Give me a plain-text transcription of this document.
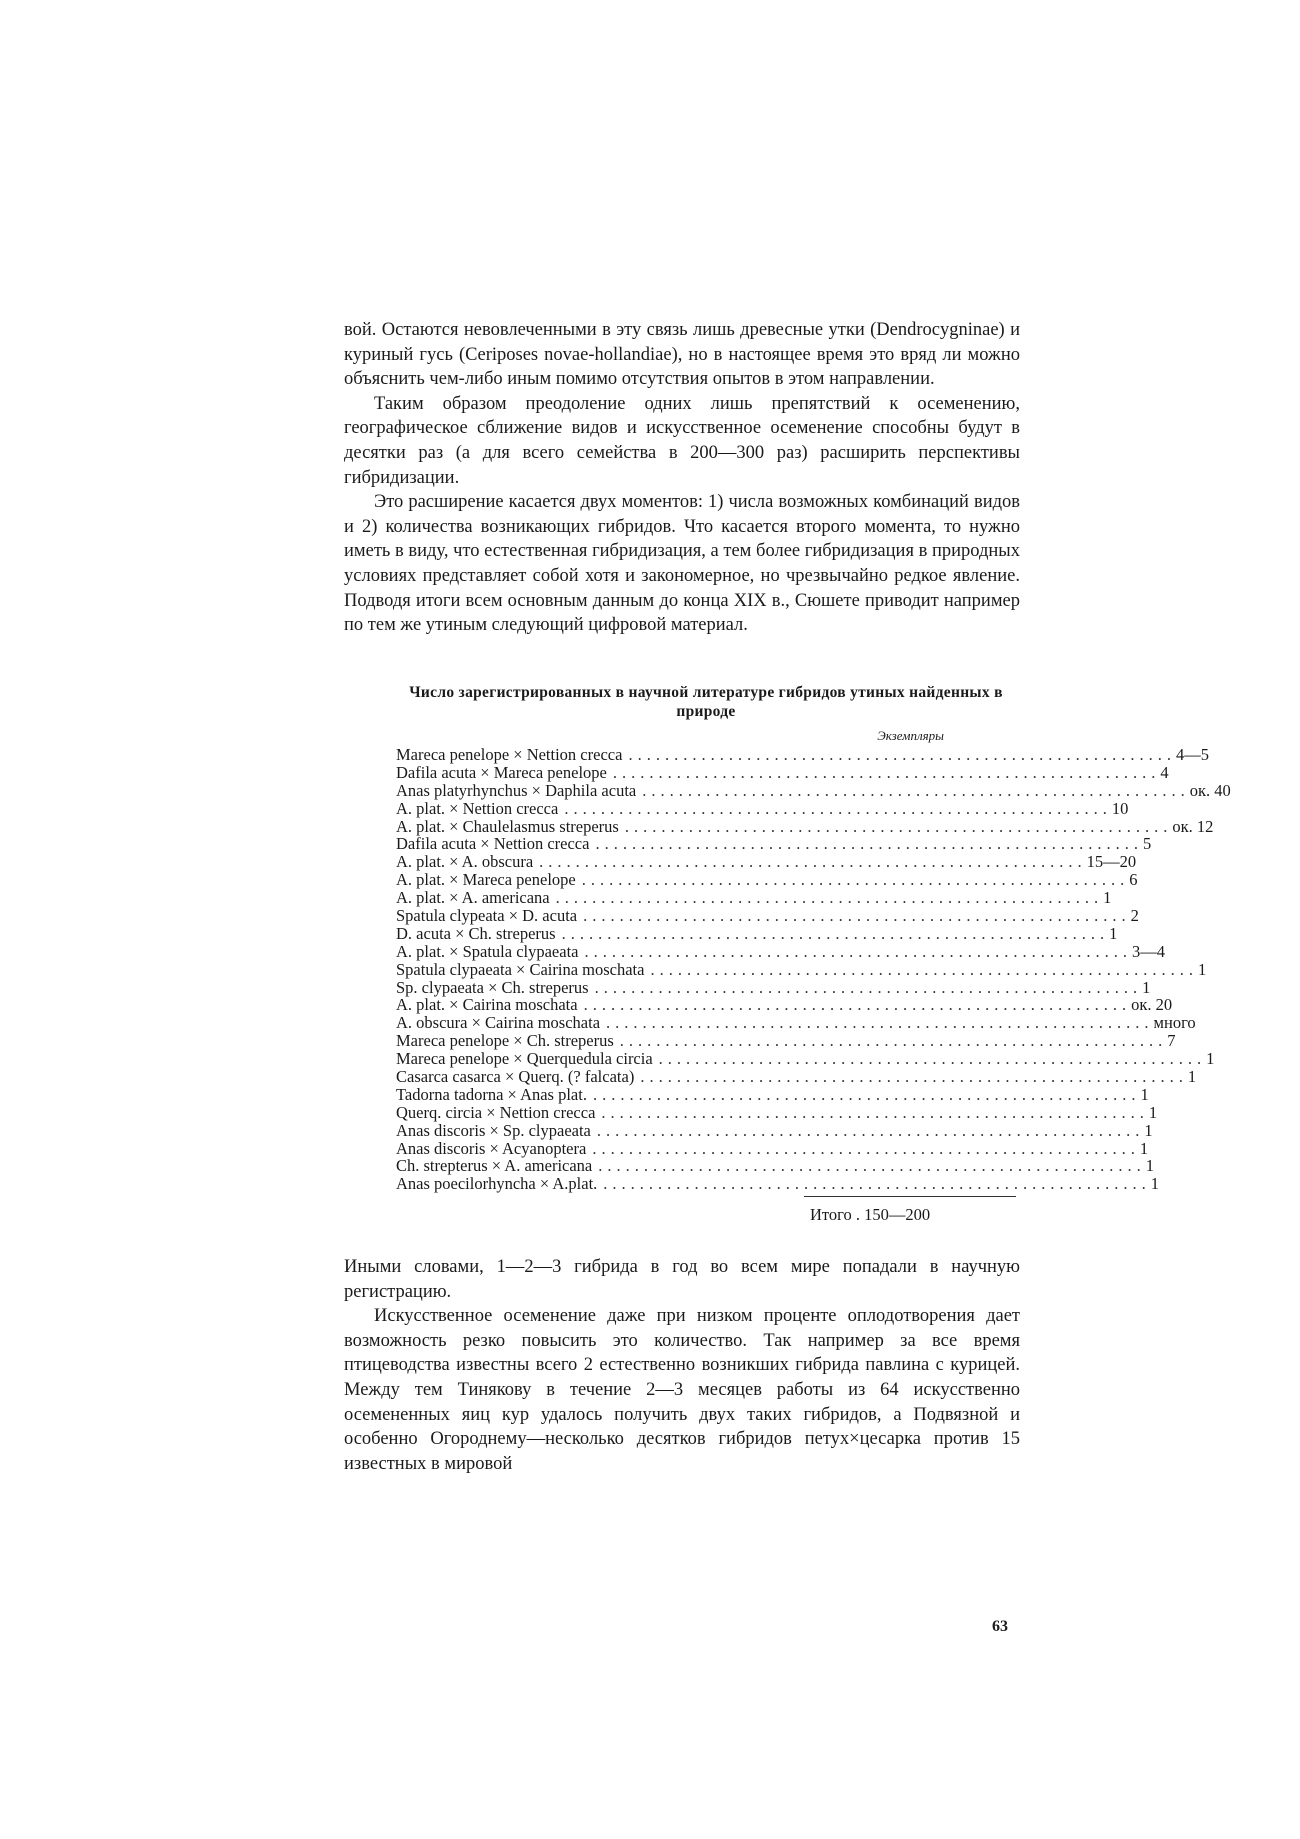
вой. Остаются невовлеченными в эту связь лишь древесные утки (Dendrocygninae) и куриный гусь (Ceriposes novae-hollandiae), но в настоящее время это вряд ли можно объяснить чем-либо иным помимо отсутствия опытов в этом направлении.

Таким образом преодоление одних лишь препятствий к осеменению, географическое сближение видов и искусственное осеменение способны будут в десятки раз (а для всего семейства в 200—300 раз) расширить перспективы гибридизации.

Это расширение касается двух моментов: 1) числа возможных комбинаций видов и 2) количества возникающих гибридов. Что касается второго момента, то нужно иметь в виду, что естественная гибридизация, а тем более гибридизация в природных условиях представляет собой хотя и закономерное, но чрезвычайно редкое явление. Подводя итоги всем основным данным до конца XIX в., Сюшете приводит например по тем же утиным следующий цифровой материал.

Число зарегистрированных в научной литературе гибридов утиных найденных в природе
Экземпляры
Mareca penelope × Nettion crecca ............................................................ 4—5
Dafila acuta × Mareca penelope ............................................................ 4
Anas platyrhynchus × Daphila acuta ............................................................ ок. 40
A. plat. × Nettion crecca ............................................................ 10
A. plat. × Chaulelasmus streperus ............................................................ ок. 12
Dafila acuta × Nettion crecca ............................................................ 5
A. plat. × A. obscura ............................................................ 15—20
A. plat. × Mareca penelope ............................................................ 6
A. plat. × A. americana ............................................................ 1
Spatula clypeata × D. acuta ............................................................ 2
D. acuta × Ch. streperus ............................................................ 1
A. plat. × Spatula clypaeata ............................................................ 3—4
Spatula clypaeata × Cairina moschata ............................................................ 1
Sp. clypaeata × Ch. streperus ............................................................ 1
A. plat. × Cairina moschata ............................................................ ок. 20
A. obscura × Cairina moschata ............................................................ много
Mareca penelope × Ch. streperus ............................................................ 7
Mareca penelope × Querquedula circia ............................................................ 1
Casarca casarca × Querq. (? falcata) ............................................................ 1
Tadorna tadorna × Anas plat. ............................................................ 1
Querq. circia × Nettion crecca ............................................................ 1
Anas discoris × Sp. clypaeata ............................................................ 1
Anas discoris × Acyanoptera ............................................................ 1
Ch. strepterus × A. americana ............................................................ 1
Anas poecilorhyncha × A.plat. ............................................................ 1
Итого . 150—200

Иными словами, 1—2—3 гибрида в год во всем мире попадали в научную регистрацию.

Искусственное осеменение даже при низком проценте оплодотворения дает возможность резко повысить это количество. Так например за все время птицеводства известны всего 2 естественно возникших гибрида павлина с курицей. Между тем Тинякову в течение 2—3 месяцев работы из 64 искусственно осемененных яиц кур удалось получить двух таких гибридов, а Подвязной и особенно Огороднему—несколько десятков гибридов петух×цесарка против 15 известных в мировой

63
